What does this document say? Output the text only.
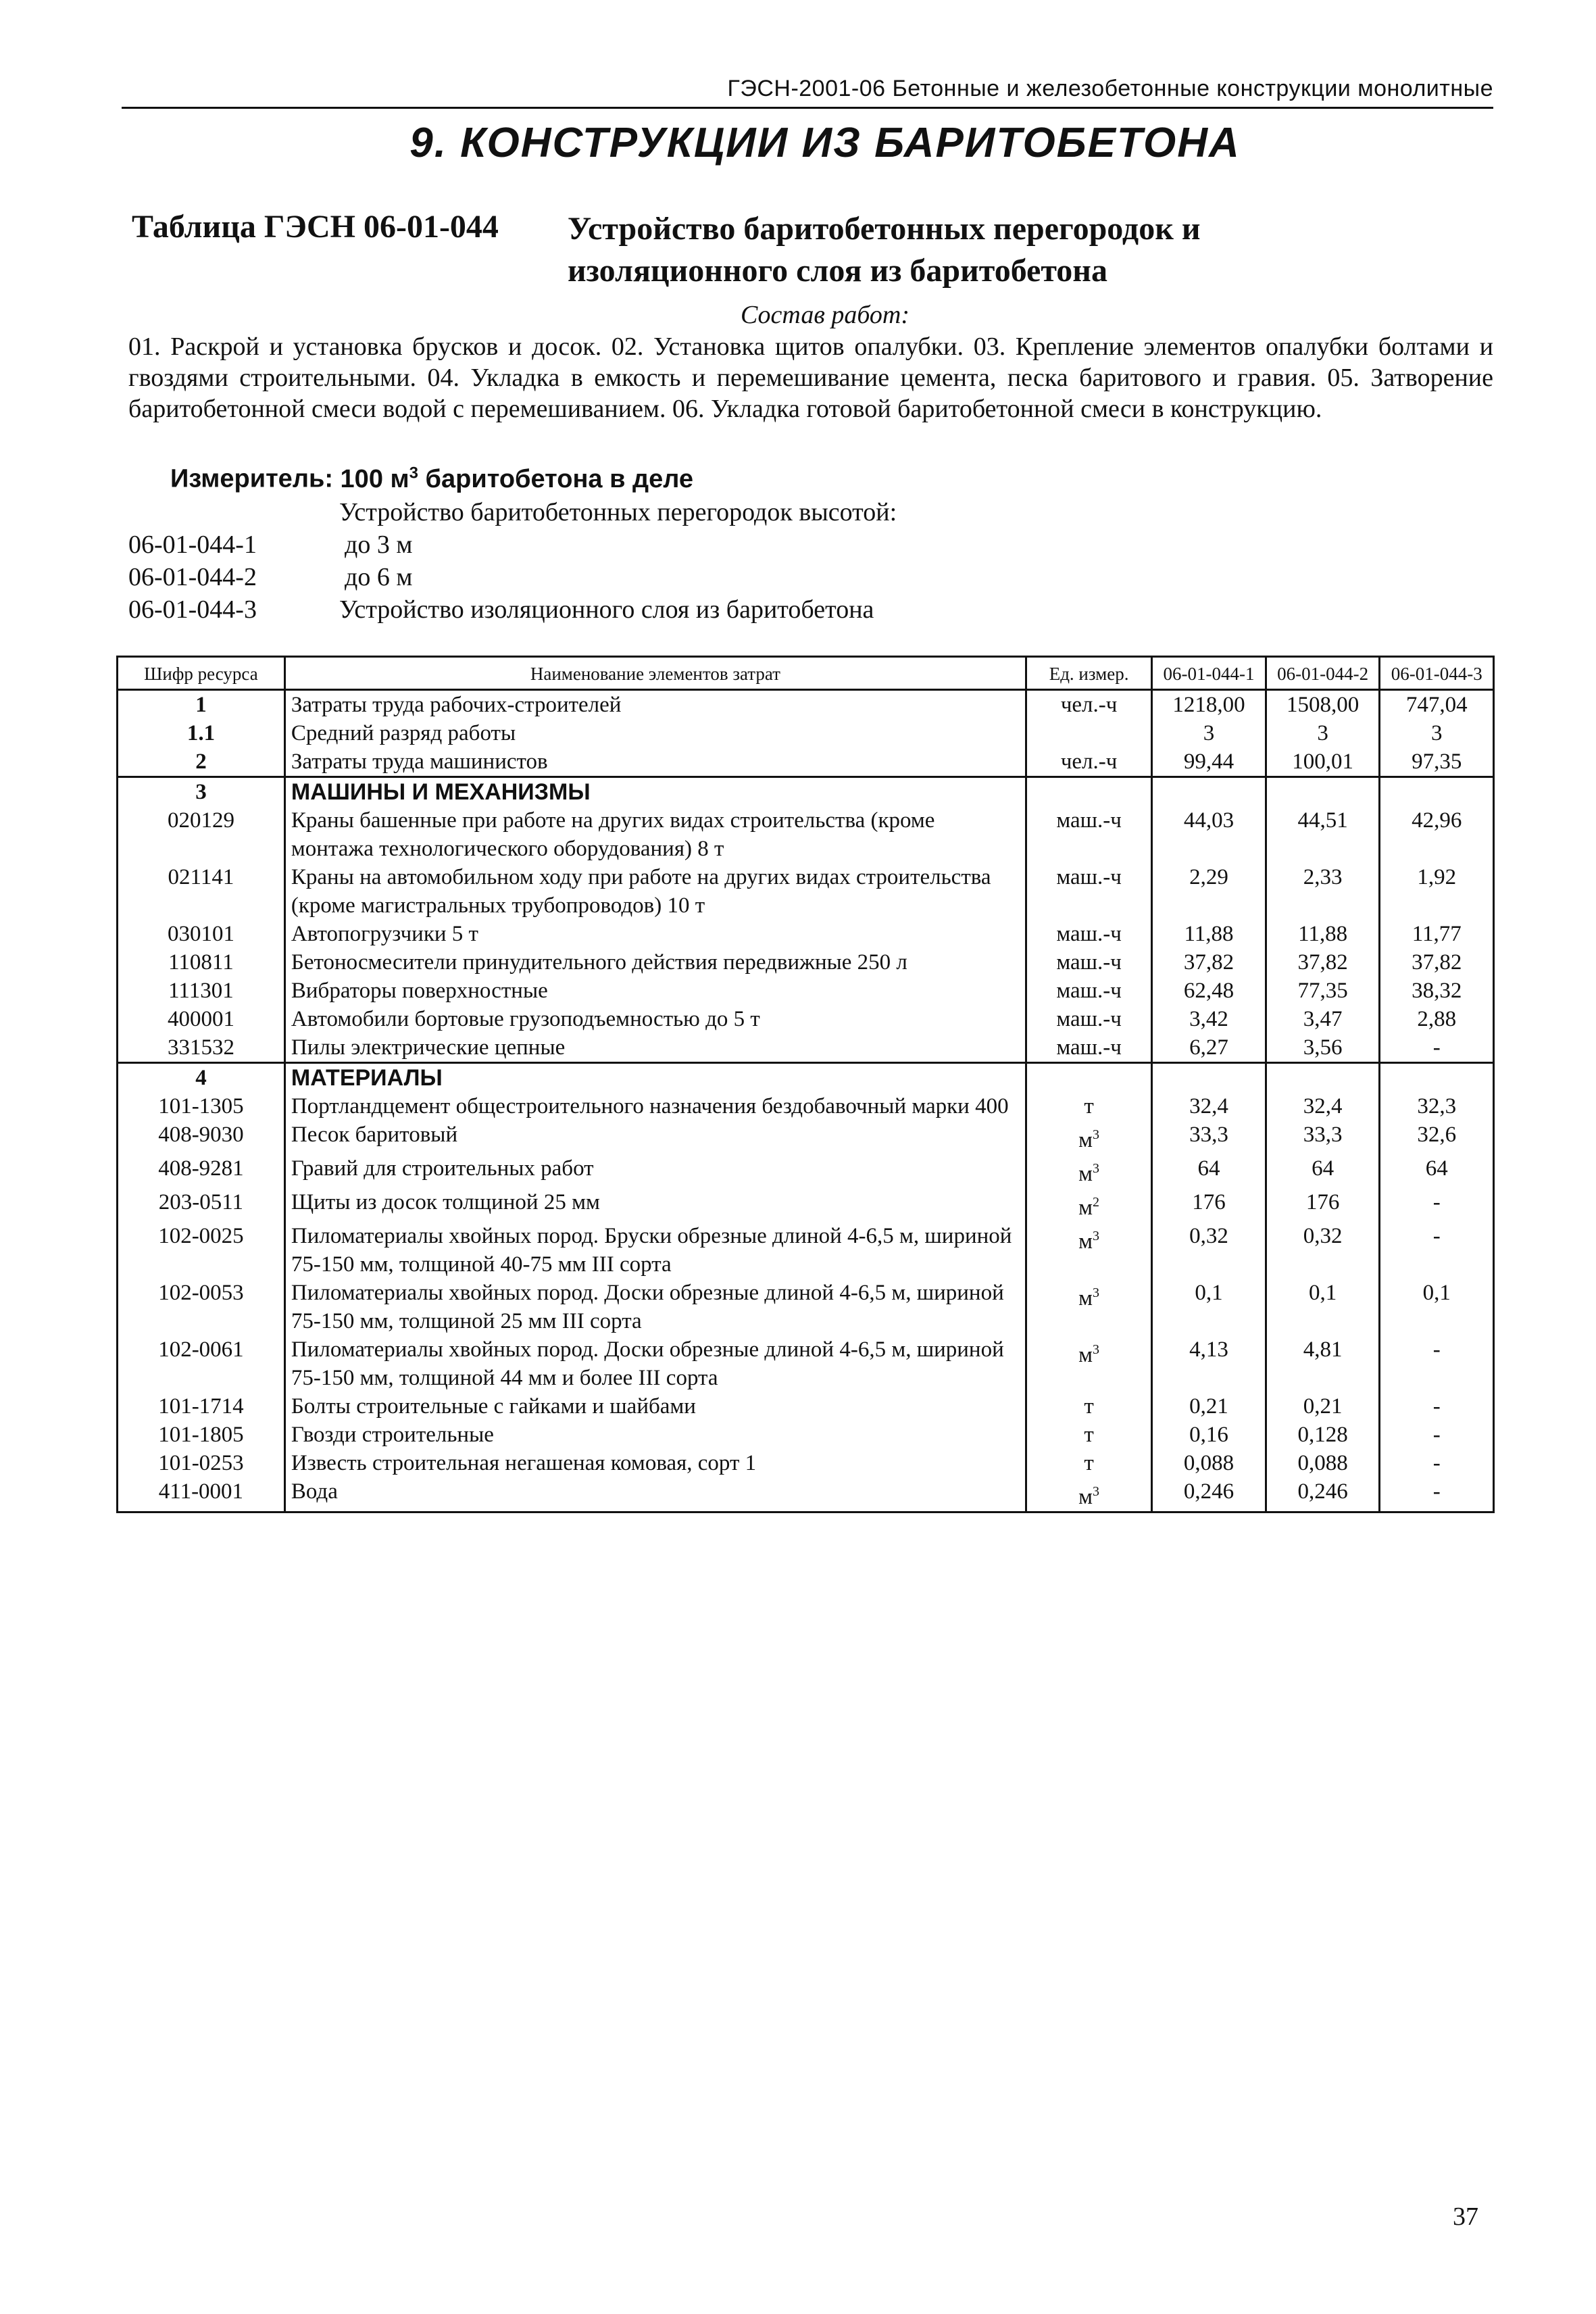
ГЭСН-2001-06 Бетонные и железобетонные конструкции монолитные
9. КОНСТРУКЦИИ ИЗ БАРИТОБЕТОНА
Таблица ГЭСН 06-01-044 Устройство баритобетонных перегородок и изоляционного слоя из баритобетона
Состав работ:
01. Раскрой и установка брусков и досок. 02. Установка щитов опалубки. 03. Крепление элементов опалубки болтами и гвоздями строительными. 04. Укладка в емкость и перемешивание цемента, песка баритового и гравия. 05. Затворение баритобетонной смеси водой с перемешиванием. 06. Укладка готовой баритобетонной смеси в конструкцию.
Измеритель: 100 $м^3$ баритобетона в деле
Устройство баритобетонных перегородок высотой:
06-01-044-1	до 3 м
06-01-044-2	до 6 м
06-01-044-3	Устройство изоляционного слоя из баритобетона
Шифр ресурса	Наименование элементов затрат	Ед. измер.	06-01-044-1	06-01-044-2	06-01-044-3
1	Затраты труда рабочих-строителей	чел.-ч	1218,00	1508,00	747,04
1.1	Средний разряд работы		3	3	3
2	Затраты труда машинистов	чел.-ч	99,44	100,01	97,35
3	МАШИНЫ И МЕХАНИЗМЫ				
020129	Краны башенные при работе на других видах строительства (кроме монтажа технологического оборудования) 8 т	маш.-ч	44,03	44,51	42,96
021141	Краны на автомобильном ходу при работе на других видах строительства (кроме магистральных трубопроводов) 10 т	маш.-ч	2,29	2,33	1,92
030101	Автопогрузчики 5 т	маш.-ч	11,88	11,88	11,77
110811	Бетоносмесители принудительного действия передвижные 250 л	маш.-ч	37,82	37,82	37,82
111301	Вибраторы поверхностные	маш.-ч	62,48	77,35	38,32
400001	Автомобили бортовые грузоподъемностью до 5 т	маш.-ч	3,42	3,47	2,88
331532	Пилы электрические цепные	маш.-ч	6,27	3,56	-
4	МАТЕРИАЛЫ				
101-1305	Портландцемент общестроительного назначения бездобавочный марки 400	т	32,4	32,4	32,3
408-9030	Песок баритовый	$м^3$	33,3	33,3	32,6
408-9281	Гравий для строительных работ	$м^3$	64	64	64
203-0511	Щиты из досок толщиной 25 мм	$м^2$	176	176	-
102-0025	Пиломатериалы хвойных пород. Бруски обрезные длиной 4-6,5 м, шириной 75-150 мм, толщиной 40-75 мм III сорта	$м^3$	0,32	0,32	-
102-0053	Пиломатериалы хвойных пород. Доски обрезные длиной 4-6,5 м, шириной 75-150 мм, толщиной 25 мм III сорта	$м^3$	0,1	0,1	0,1
102-0061	Пиломатериалы хвойных пород. Доски обрезные длиной 4-6,5 м, шириной 75-150 мм, толщиной 44 мм и более III сорта	$м^3$	4,13	4,81	-
101-1714	Болты строительные с гайками и шайбами	т	0,21	0,21	-
101-1805	Гвозди строительные	т	0,16	0,128	-
101-0253	Известь строительная негашеная комовая, сорт 1	т	0,088	0,088	-
411-0001	Вода	$м^3$	0,246	0,246	-
37
